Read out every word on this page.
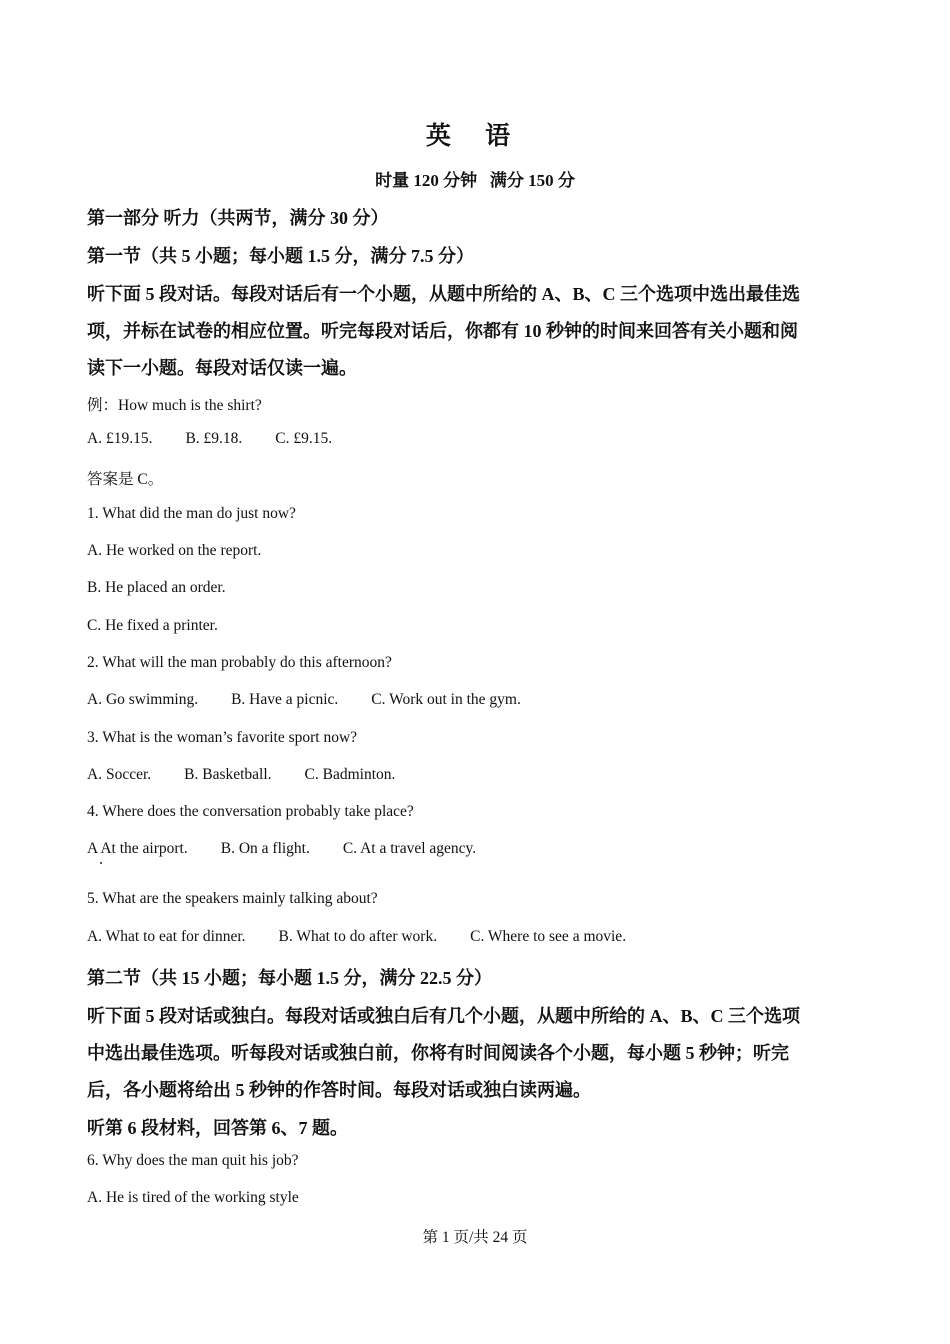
英 语
时量 120 分钟   满分 150 分
第一部分 听力（共两节，满分 30 分）
第一节（共 5 小题；每小题 1.5 分，满分 7.5 分）
听下面 5 段对话。每段对话后有一个小题，从题中所给的 A、B、C 三个选项中选出最佳选
项，并标在试卷的相应位置。听完每段对话后，你都有 10 秒钟的时间来回答有关小题和阅
读下一小题。每段对话仅读一遍。
例：How much is the shirt?
A. £19.15. B. £9.18. C. £9.15.
答案是 C。
1. What did the man do just now?
A. He worked on the report.
B. He placed an order.
C. He fixed a printer.
2. What will the man probably do this afternoon?
A. Go swimming. B. Have a picnic. C. Work out in the gym.
3. What is the woman’s favorite sport now?
A. Soccer. B. Basketball. C. Badminton.
4. Where does the conversation probably take place?
A At the airport. B. On a flight. C. At a travel agency.
5. What are the speakers mainly talking about?
A. What to eat for dinner. B. What to do after work. C. Where to see a movie.
第二节（共 15 小题；每小题 1.5 分，满分 22.5 分）
听下面 5 段对话或独白。每段对话或独白后有几个小题，从题中所给的 A、B、C 三个选项
中选出最佳选项。听每段对话或独白前，你将有时间阅读各个小题，每小题 5 秒钟；听完
后，各小题将给出 5 秒钟的作答时间。每段对话或独白读两遍。
听第 6 段材料，回答第 6、7 题。
6. Why does the man quit his job?
A. He is tired of the working style
第 1 页/共 24 页
